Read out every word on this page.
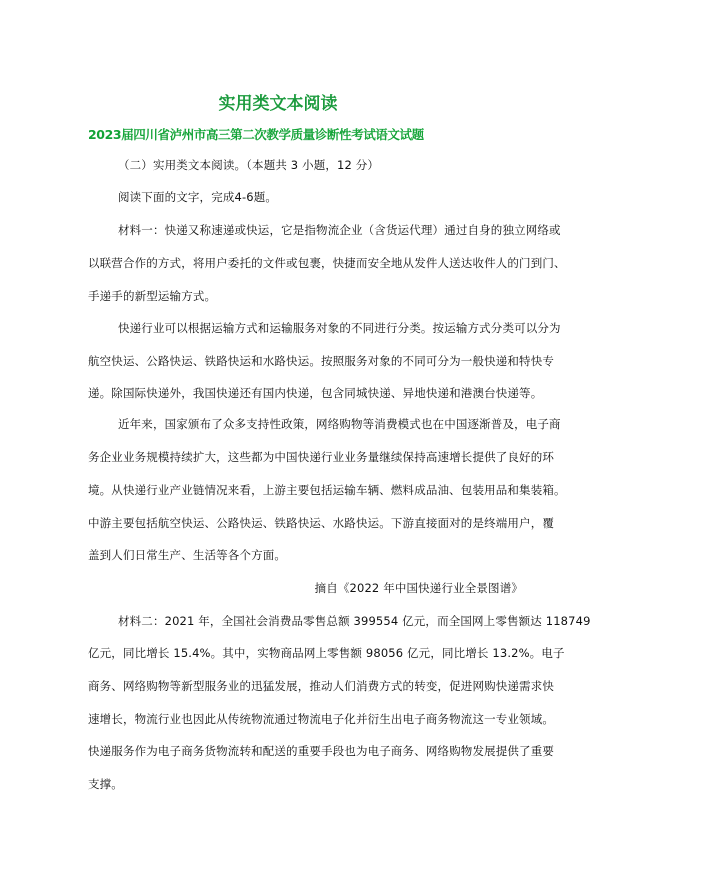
实用类文本阅读
2023届四川省泸州市高三第二次教学质量诊断性考试语文试题
（二）实用类文本阅读。（本题共 3 小题，12 分）
阅读下面的文字，完成4-6题。
材料一：快递又称速递或快运，它是指物流企业（含货运代理）通过自身的独立网络或
以联营合作的方式，将用户委托的文件或包裹，快捷而安全地从发件人送达收件人的门到门、
手递手的新型运输方式。
快递行业可以根据运输方式和运输服务对象的不同进行分类。按运输方式分类可以分为
航空快运、公路快运、铁路快运和水路快运。按照服务对象的不同可分为一般快递和特快专
递。除国际快递外，我国快递还有国内快递，包含同城快递、异地快递和港澳台快递等。
近年来，国家颁布了众多支持性政策，网络购物等消费模式也在中国逐渐普及，电子商
务企业业务规模持续扩大，这些都为中国快递行业业务量继续保持高速增长提供了良好的环
境。从快递行业产业链情况来看，上游主要包括运输车辆、燃料成品油、包装用品和集装箱。
中游主要包括航空快运、公路快运、铁路快运、水路快运。下游直接面对的是终端用户，覆
盖到人们日常生产、生活等各个方面。
摘自《2022 年中国快递行业全景图谱》
材料二：2021 年，全国社会消费品零售总额 399554 亿元，而全国网上零售额达 118749
亿元，同比增长 15.4%。其中，实物商品网上零售额 98056 亿元，同比增长 13.2%。电子
商务、网络购物等新型服务业的迅猛发展，推动人们消费方式的转变，促进网购快递需求快
速增长，物流行业也因此从传统物流通过物流电子化并衍生出电子商务物流这一专业领域。
快递服务作为电子商务货物流转和配送的重要手段也为电子商务、网络购物发展提供了重要
支撑。
